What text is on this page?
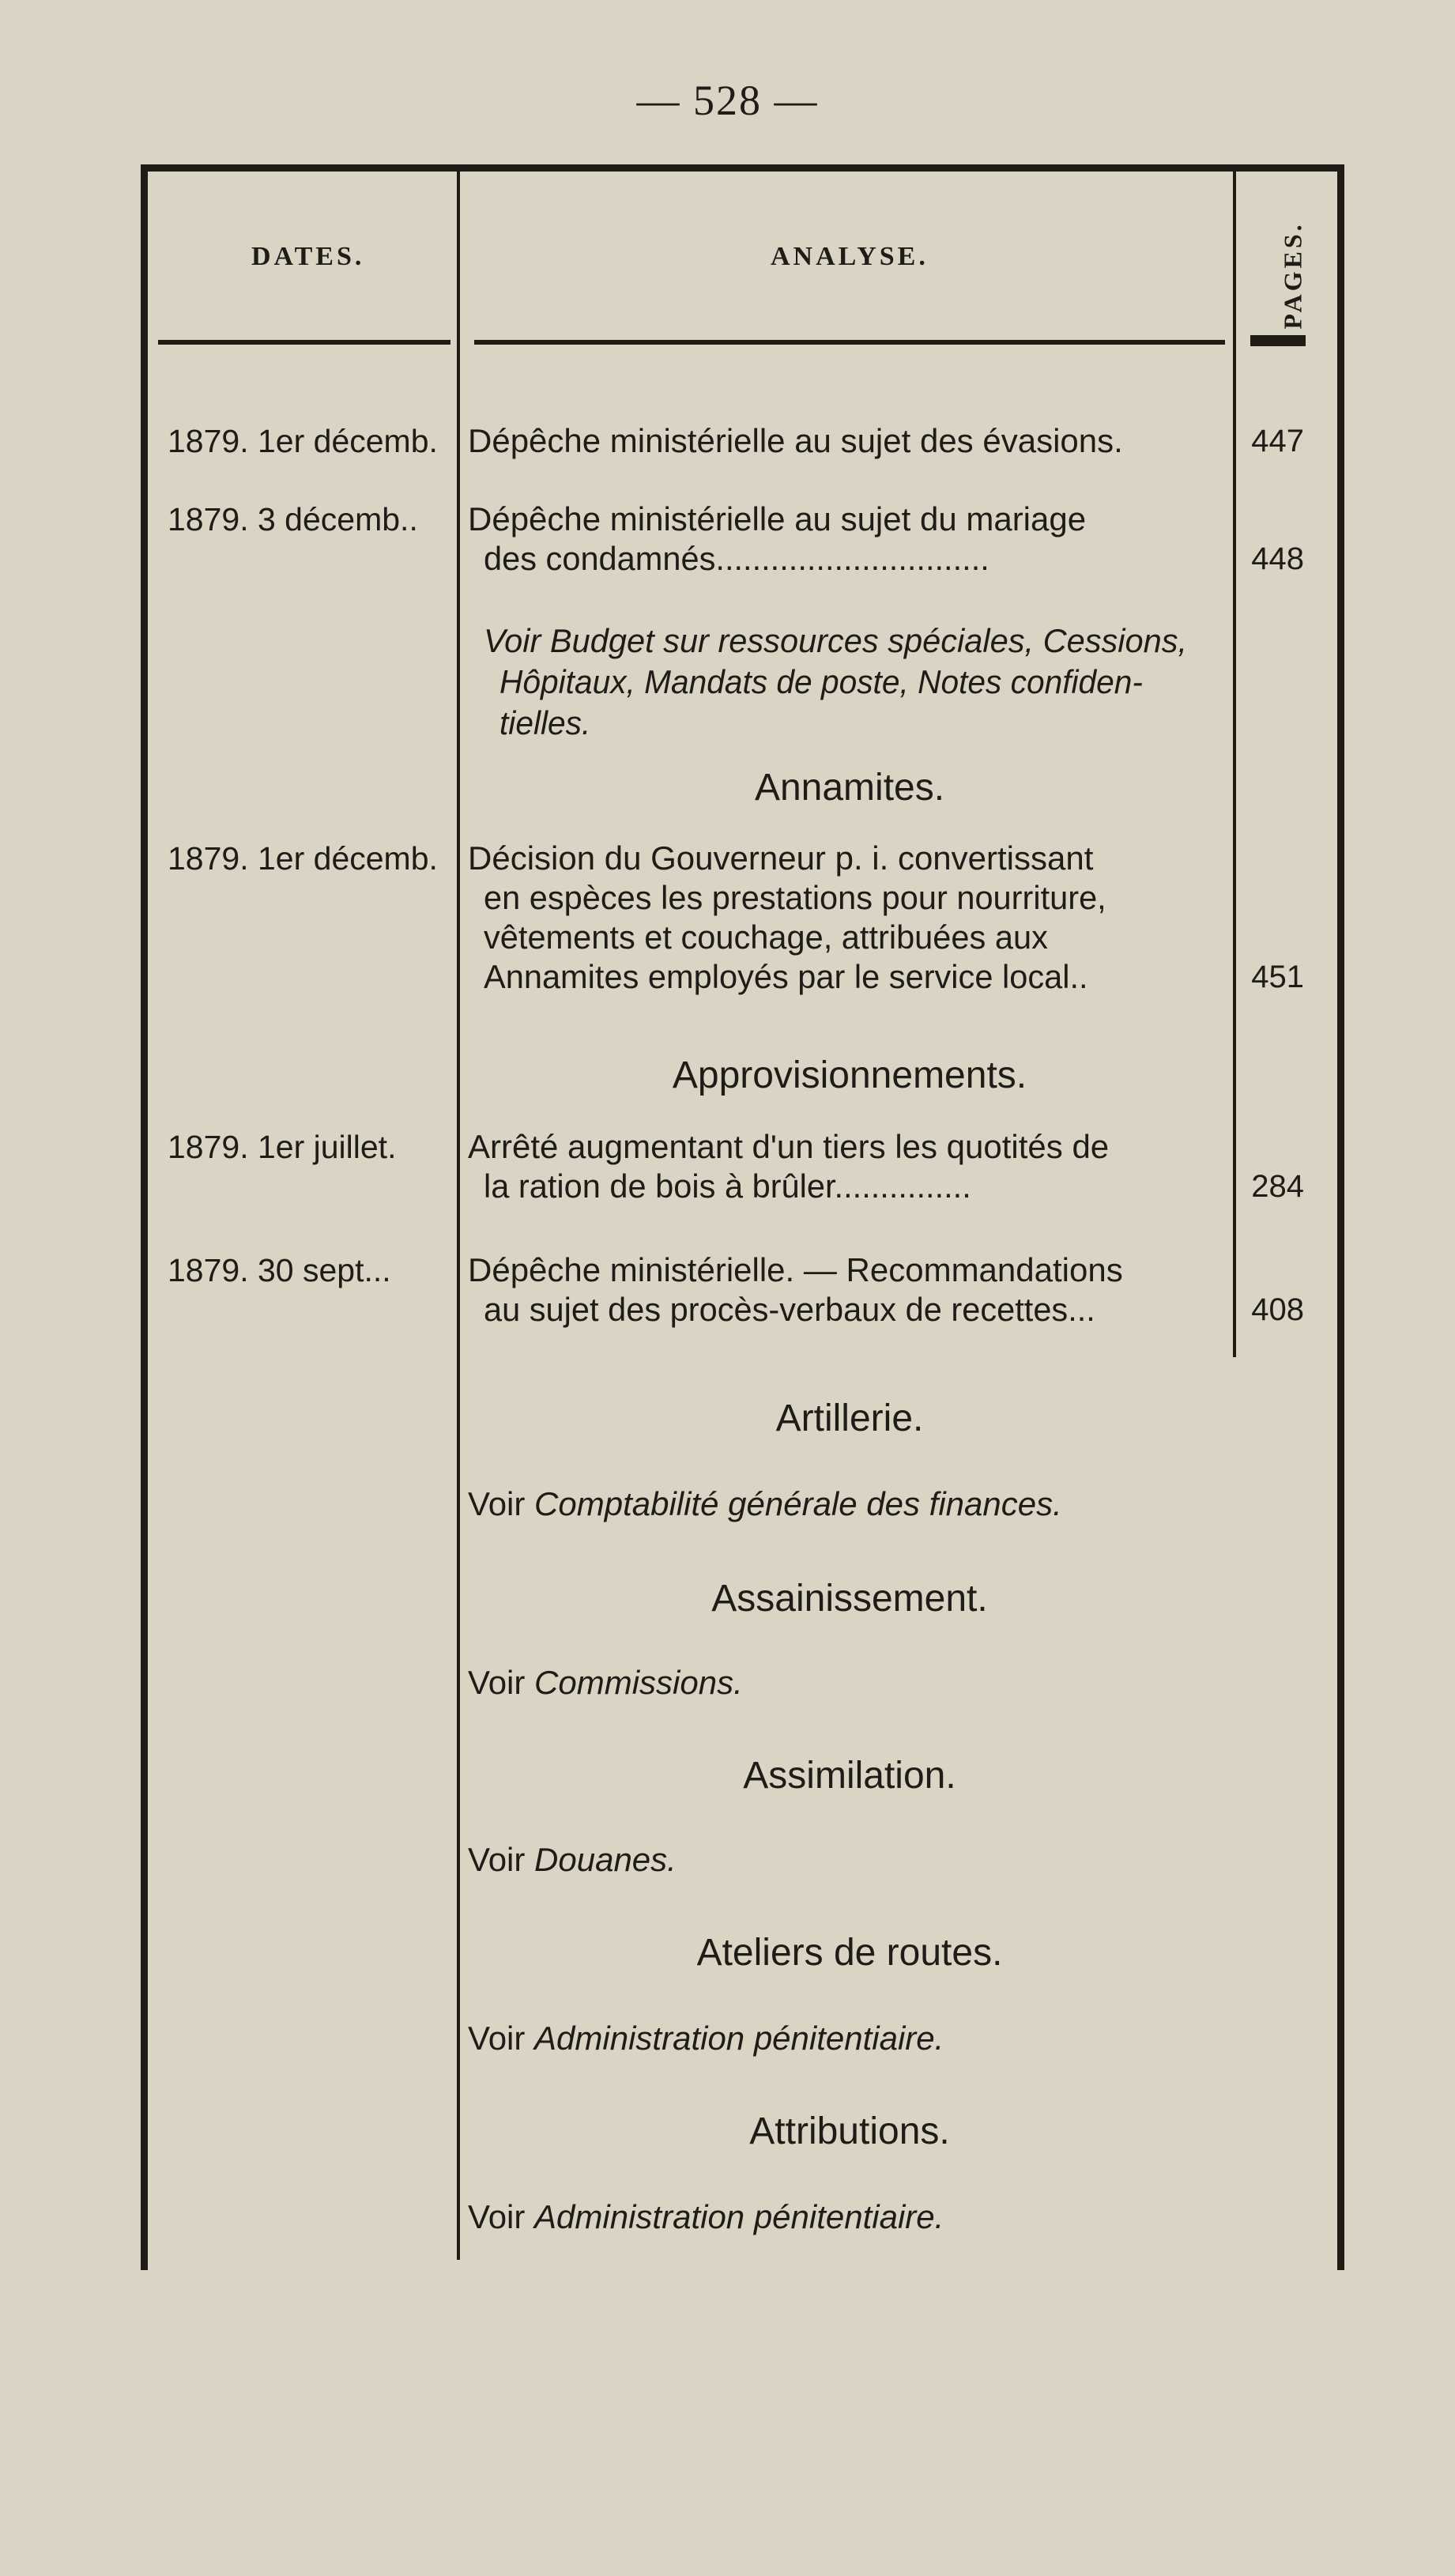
— 528 —
DATES.	ANALYSE.	PAGES.
1879. 1er décemb. Dépêche ministérielle au sujet des évasions.	447
1879. 3 décemb.. Dépêche ministérielle au sujet du mariage
des condamnés..............................	448
Voir Budget sur ressources spéciales, Cessions,
Hôpitaux, Mandats de poste, Notes confiden-
tielles.
Annamites.
1879. 1er décemb. Décision du Gouverneur p. i. convertissant
en espèces les prestations pour nourriture,
vêtements et couchage, attribuées aux
Annamites employés par le service local..	451
Approvisionnements.
1879. 1er juillet. Arrêté augmentant d'un tiers les quotités de
la ration de bois à brûler...............	284
1879. 30 sept... Dépêche ministérielle. — Recommandations
au sujet des procès-verbaux de recettes...	408
Artillerie.
Voir Comptabilité générale des finances.
Assainissement.
Voir Commissions.
Assimilation.
Voir Douanes.
Ateliers de routes.
Voir Administration pénitentiaire.
Attributions.
Voir Administration pénitentiaire.
